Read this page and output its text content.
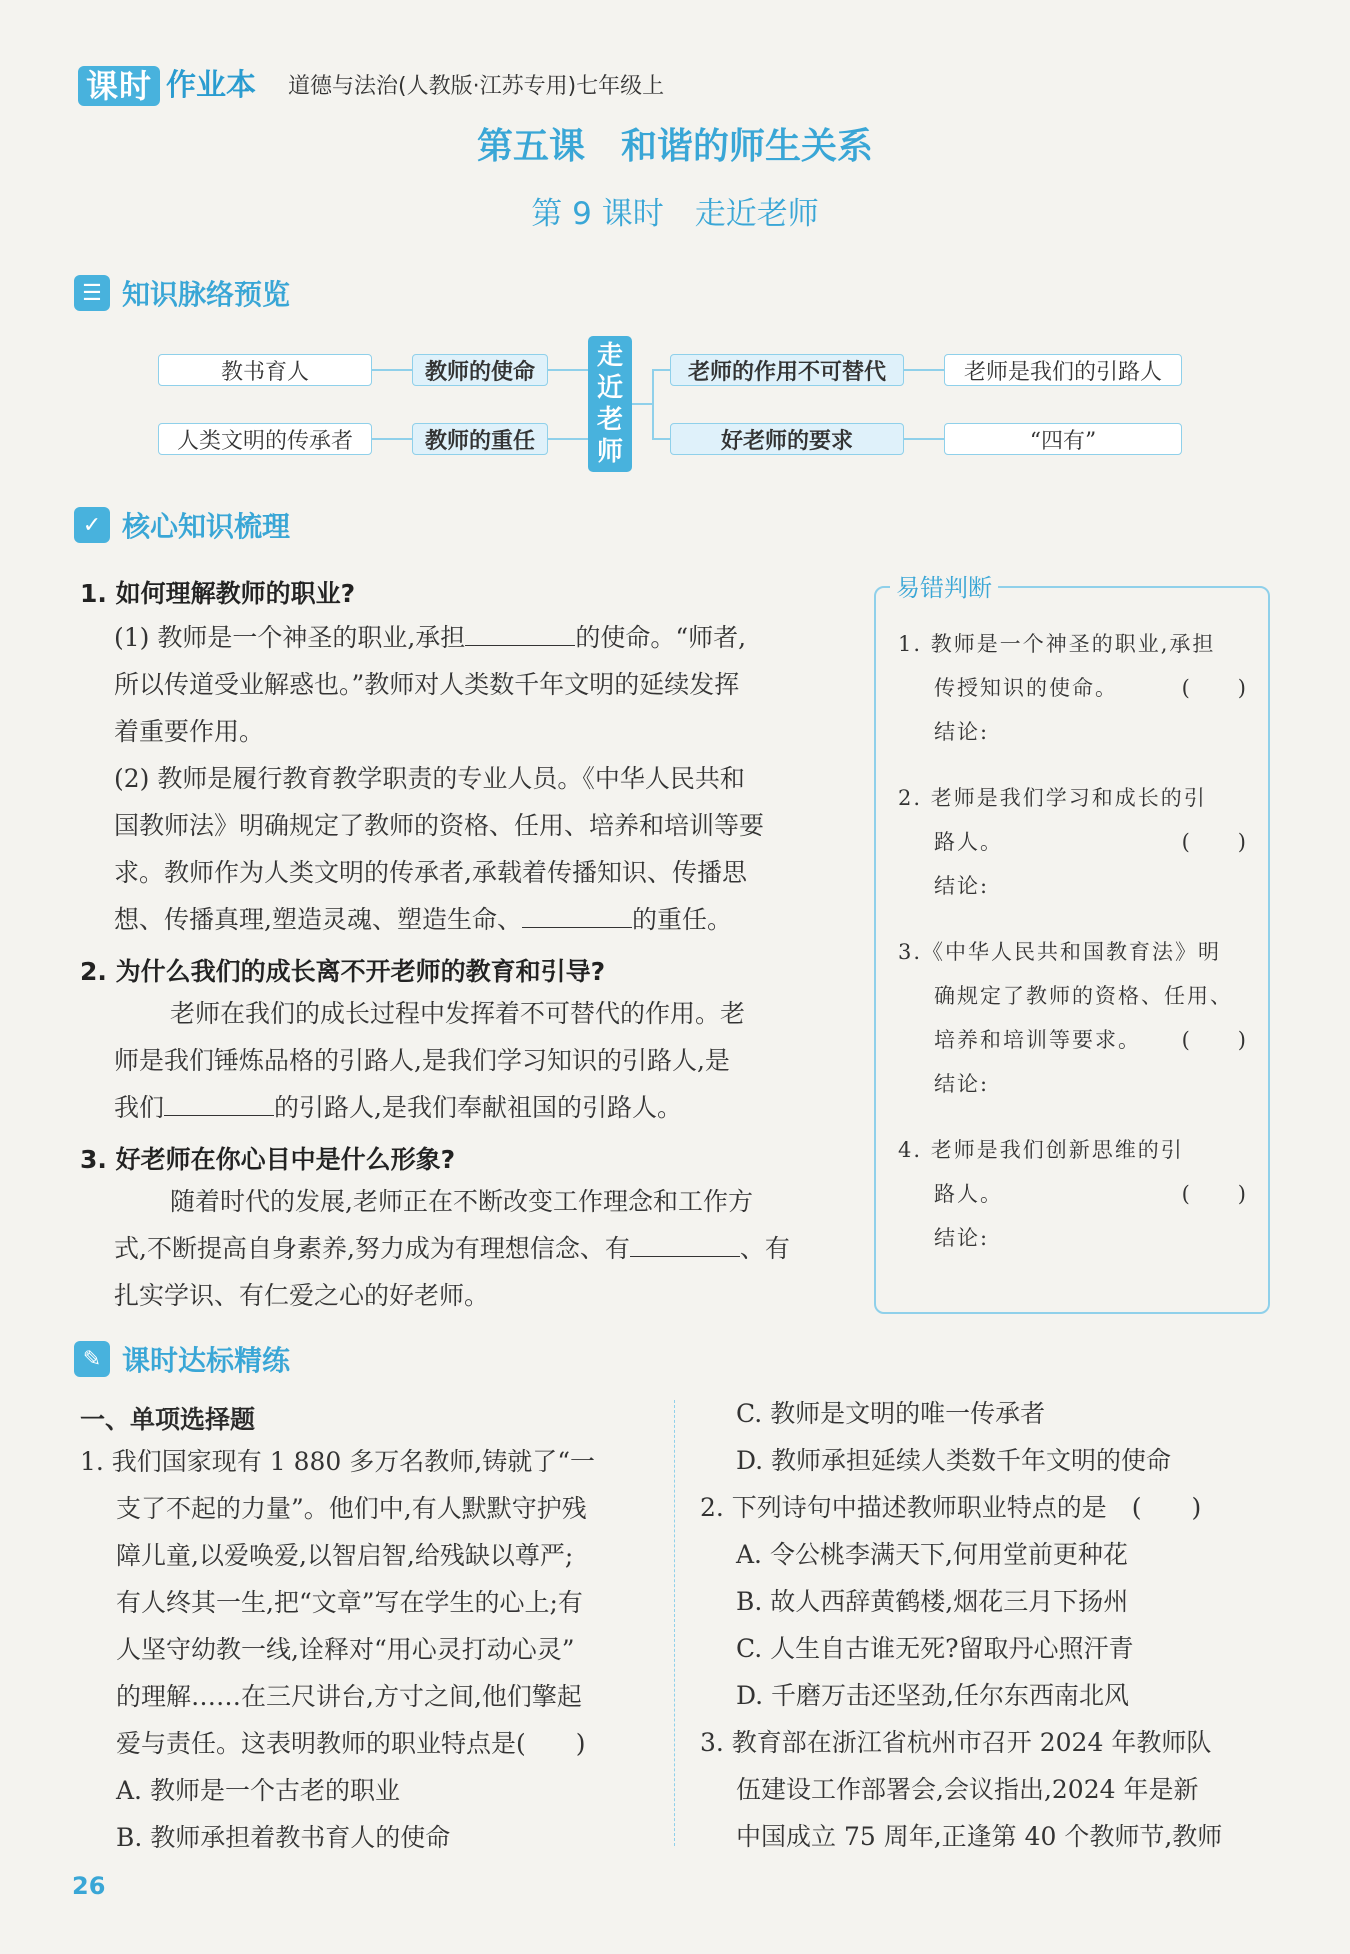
课时 作业本 道德与法治(人教版·江苏专用)七年级上
第五课　和谐的师生关系
第 9 课时　走近老师
☰ 知识脉络预览
教书育人
人类文明的传承者
教师的使命
教师的重任
走
近
老
师
老师的作用不可替代
好老师的要求
老师是我们的引路人
“四有”
✓ 核心知识梳理
1. 如何理解教师的职业?
(1) 教师是一个神圣的职业,承担	的使命。“师者,
所以传道受业解惑也。”教师对人类数千年文明的延续发挥
着重要作用。
(2) 教师是履行教育教学职责的专业人员。《中华人民共和
国教师法》明确规定了教师的资格、任用、培养和培训等要
求。教师作为人类文明的传承者,承载着传播知识、传播思
想、传播真理,塑造灵魂、塑造生命、	的重任。
2. 为什么我们的成长离不开老师的教育和引导?
老师在我们的成长过程中发挥着不可替代的作用。老
师是我们锤炼品格的引路人,是我们学习知识的引路人,是
我们	的引路人,是我们奉献祖国的引路人。
3. 好老师在你心目中是什么形象?
随着时代的发展,老师正在不断改变工作理念和工作方
式,不断提高自身素养,努力成为有理想信念、有	、有
扎实学识、有仁爱之心的好老师。
易错判断
1. 教师是一个神圣的职业,承担
传授知识的使命。	(　　)
结论:
2. 老师是我们学习和成长的引
路人。	(　　)
结论:
3.《中华人民共和国教育法》明
确规定了教师的资格、任用、
培养和培训等要求。 (　　)
结论:
4. 老师是我们创新思维的引
路人。	(　　)
结论:
✎ 课时达标精练
一、单项选择题
1. 我们国家现有 1 880 多万名教师,铸就了“一
支了不起的力量”。他们中,有人默默守护残
障儿童,以爱唤爱,以智启智,给残缺以尊严;
有人终其一生,把“文章”写在学生的心上;有
人坚守幼教一线,诠释对“用心灵打动心灵”
的理解……在三尺讲台,方寸之间,他们擎起
爱与责任。这表明教师的职业特点是(　　)
A. 教师是一个古老的职业
B. 教师承担着教书育人的使命
C. 教师是文明的唯一传承者
D. 教师承担延续人类数千年文明的使命
2. 下列诗句中描述教师职业特点的是　(　　)
A. 令公桃李满天下,何用堂前更种花
B. 故人西辞黄鹤楼,烟花三月下扬州
C. 人生自古谁无死?留取丹心照汗青
D. 千磨万击还坚劲,任尔东西南北风
3. 教育部在浙江省杭州市召开 2024 年教师队
伍建设工作部署会,会议指出,2024 年是新
中国成立 75 周年,正逢第 40 个教师节,教师
26
